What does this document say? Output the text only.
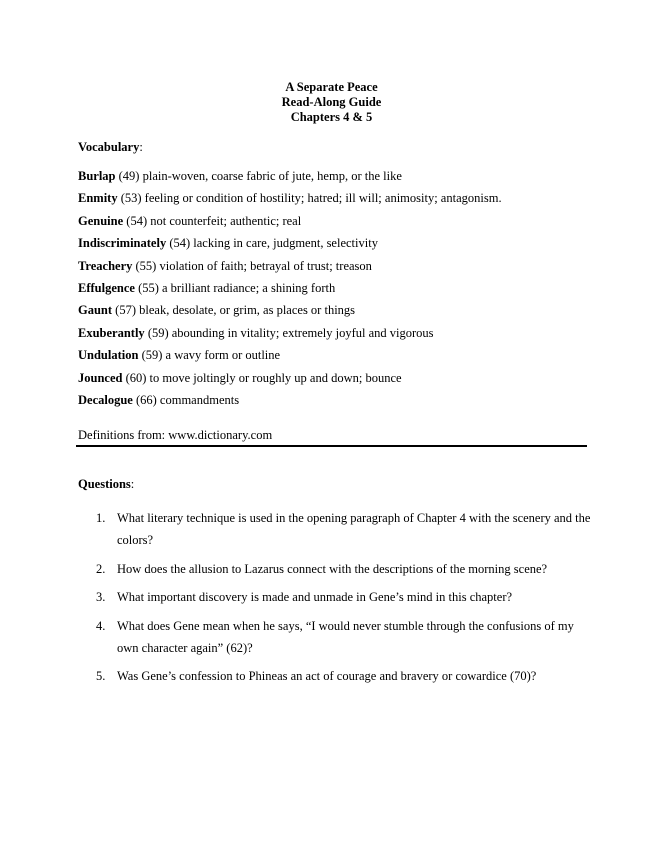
A Separate Peace
Read-Along Guide
Chapters 4 & 5
Vocabulary:
Burlap (49) plain-woven, coarse fabric of jute, hemp, or the like
Enmity (53) feeling or condition of hostility; hatred; ill will; animosity; antagonism.
Genuine (54) not counterfeit; authentic; real
Indiscriminately (54) lacking in care, judgment, selectivity
Treachery (55) violation of faith; betrayal of trust; treason
Effulgence (55) a brilliant radiance; a shining forth
Gaunt (57) bleak, desolate, or grim, as places or things
Exuberantly (59) abounding in vitality; extremely joyful and vigorous
Undulation (59) a wavy form or outline
Jounced (60) to move joltingly or roughly up and down; bounce
Decalogue (66) commandments
Definitions from: www.dictionary.com
Questions:
1. What literary technique is used in the opening paragraph of Chapter 4 with the scenery and the colors?
2. How does the allusion to Lazarus connect with the descriptions of the morning scene?
3. What important discovery is made and unmade in Gene’s mind in this chapter?
4. What does Gene mean when he says, “I would never stumble through the confusions of my own character again” (62)?
5. Was Gene’s confession to Phineas an act of courage and bravery or cowardice (70)?
